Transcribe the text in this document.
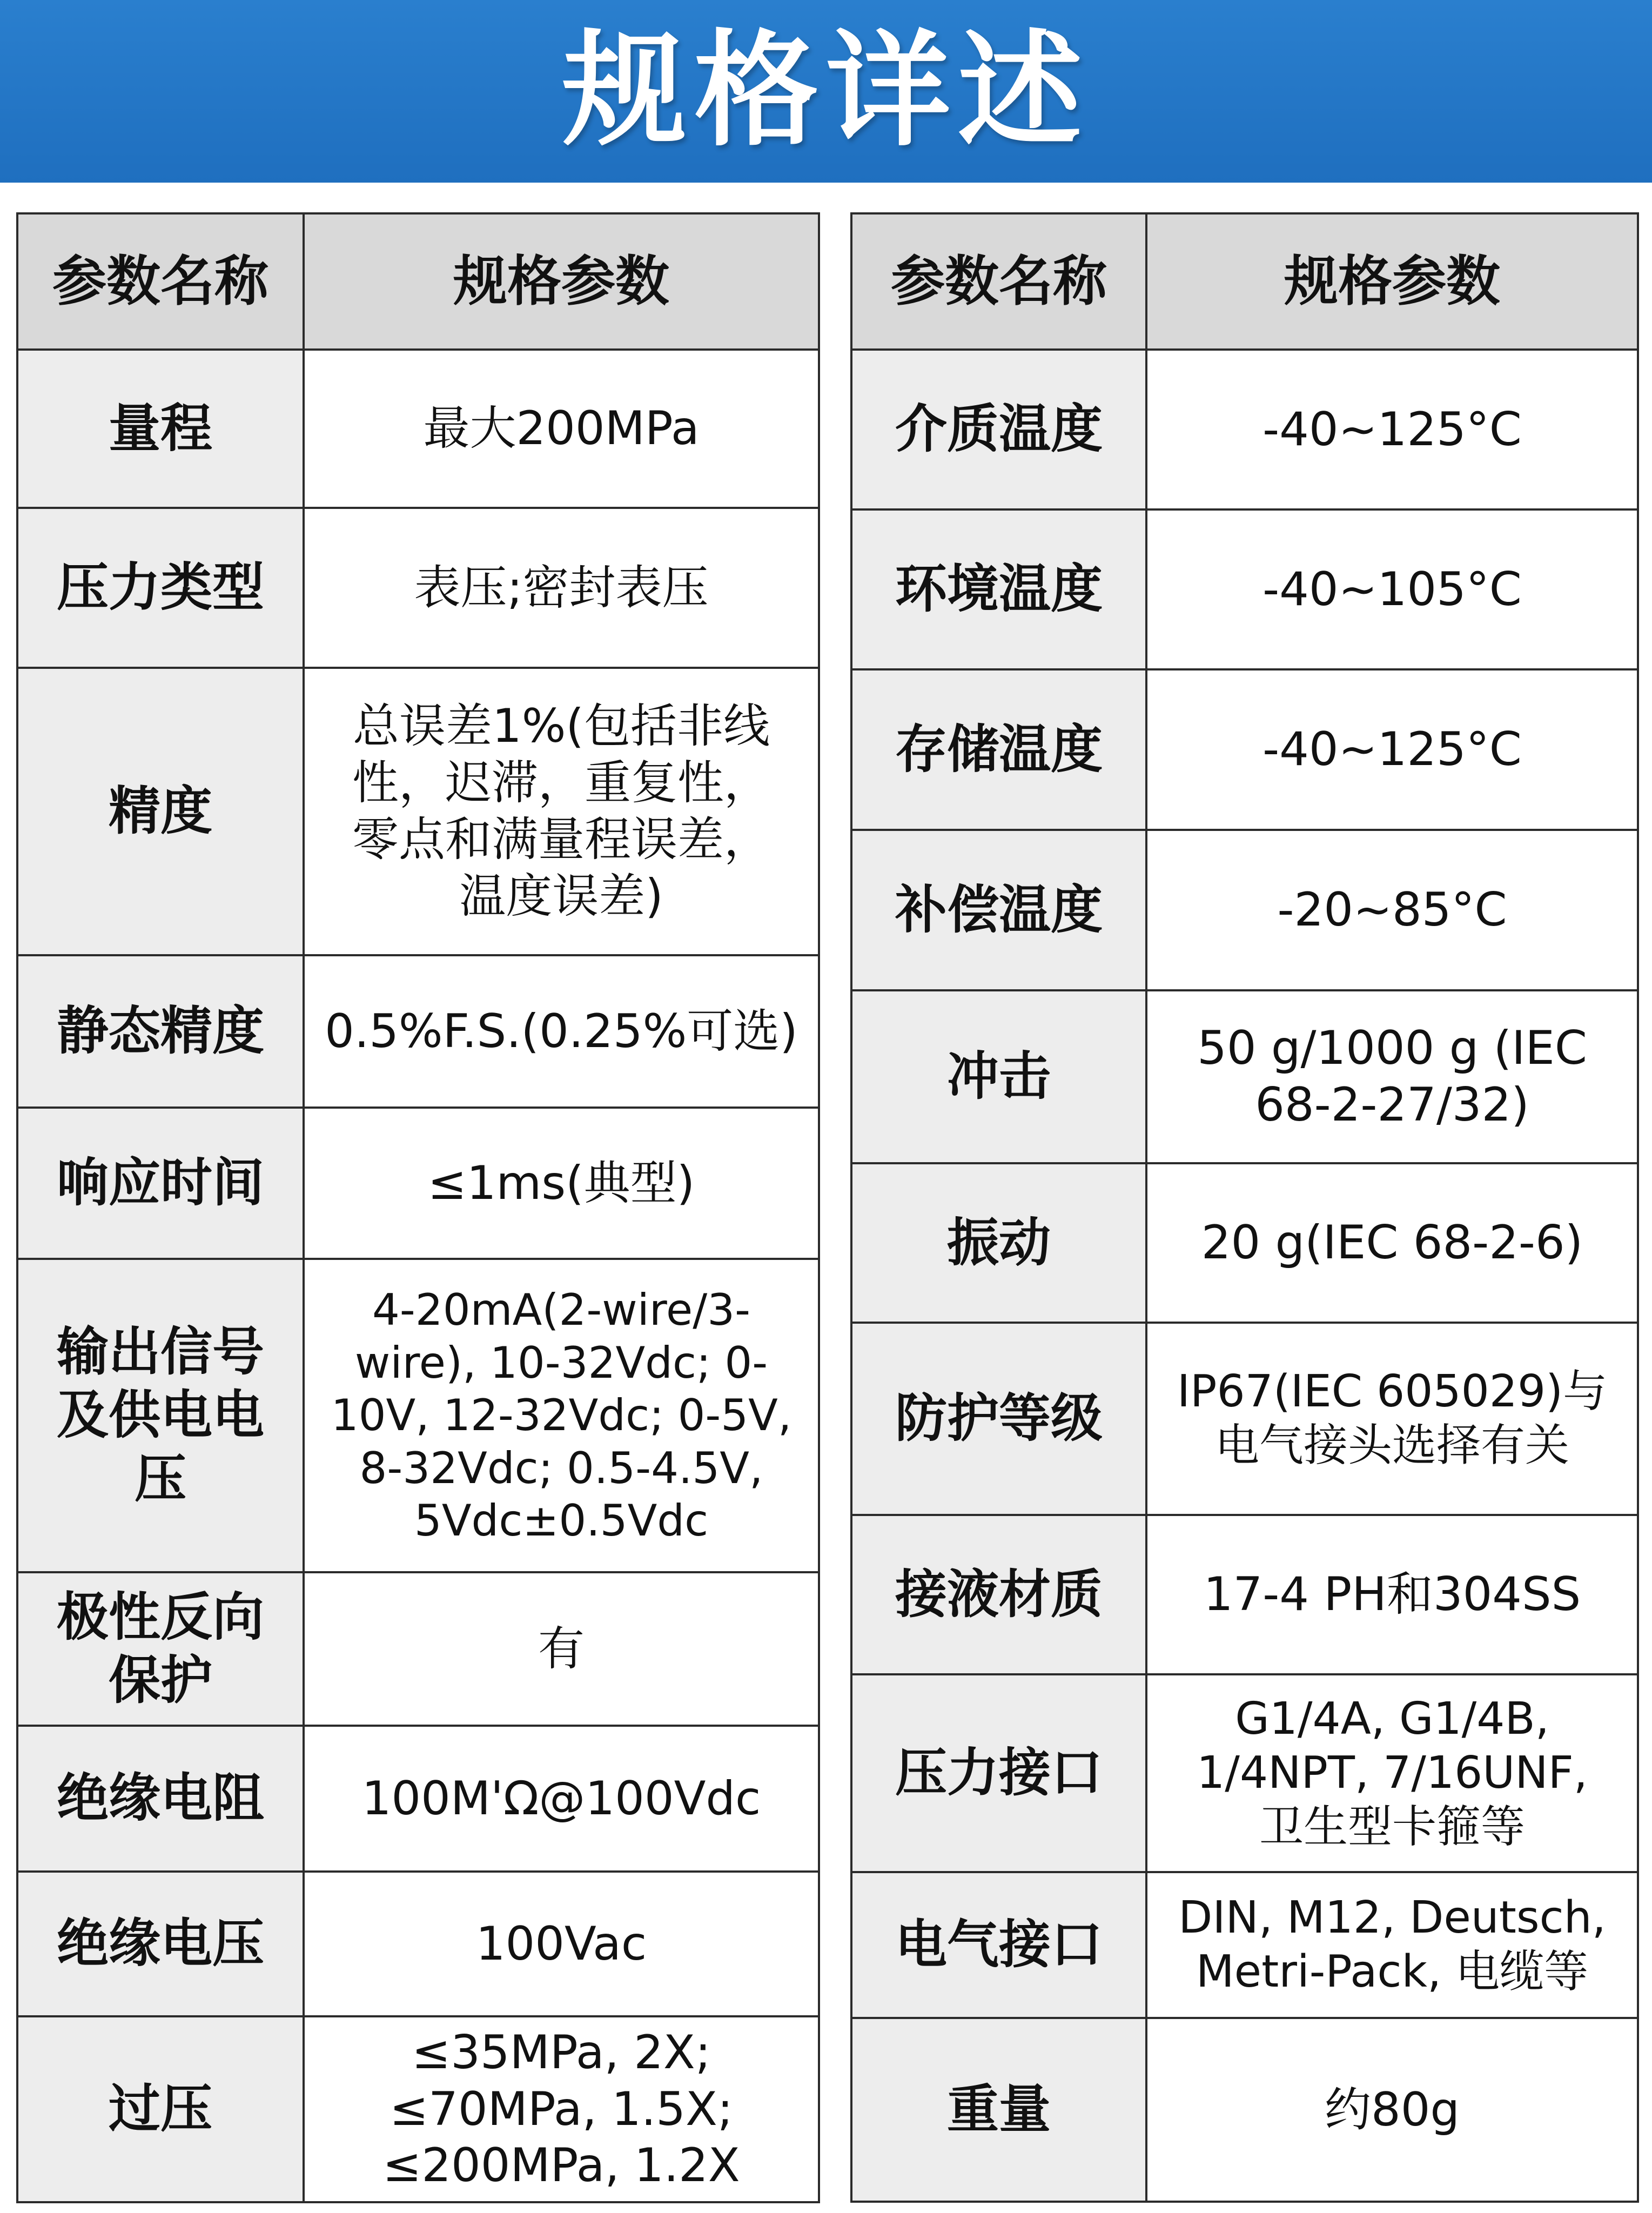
规格详述
参数名称	规格参数
量程	最大200MPa
压力类型	表压;密封表压
精度	总误差1%(包括非线性，迟滞，重复性，零点和满量程误差，温度误差)
静态精度	0.5%F.S.(0.25%可选)
响应时间	≤1ms(典型)
输出信号及供电电压	4-20mA(2-wire/3-wire), 10-32Vdc; 0-10V, 12-32Vdc; 0-5V, 8-32Vdc; 0.5-4.5V, 5Vdc±0.5Vdc
极性反向保护	有
绝缘电阻	100M'Ω@100Vdc
绝缘电压	100Vac
过压	≤35MPa, 2X; ≤70MPa, 1.5X; ≤200MPa, 1.2X
参数名称	规格参数
介质温度	-40~125°C
环境温度	-40~105°C
存储温度	-40~125°C
补偿温度	-20~85°C
冲击	50 g/1000 g (IEC 68-2-27/32)
振动	20 g(IEC 68-2-6)
防护等级	IP67(IEC 605029)与电气接头选择有关
接液材质	17-4 PH和304SS
压力接口	G1/4A, G1/4B, 1/4NPT, 7/16UNF, 卫生型卡箍等
电气接口	DIN, M12, Deutsch, Metri-Pack, 电缆等
重量	约80g
